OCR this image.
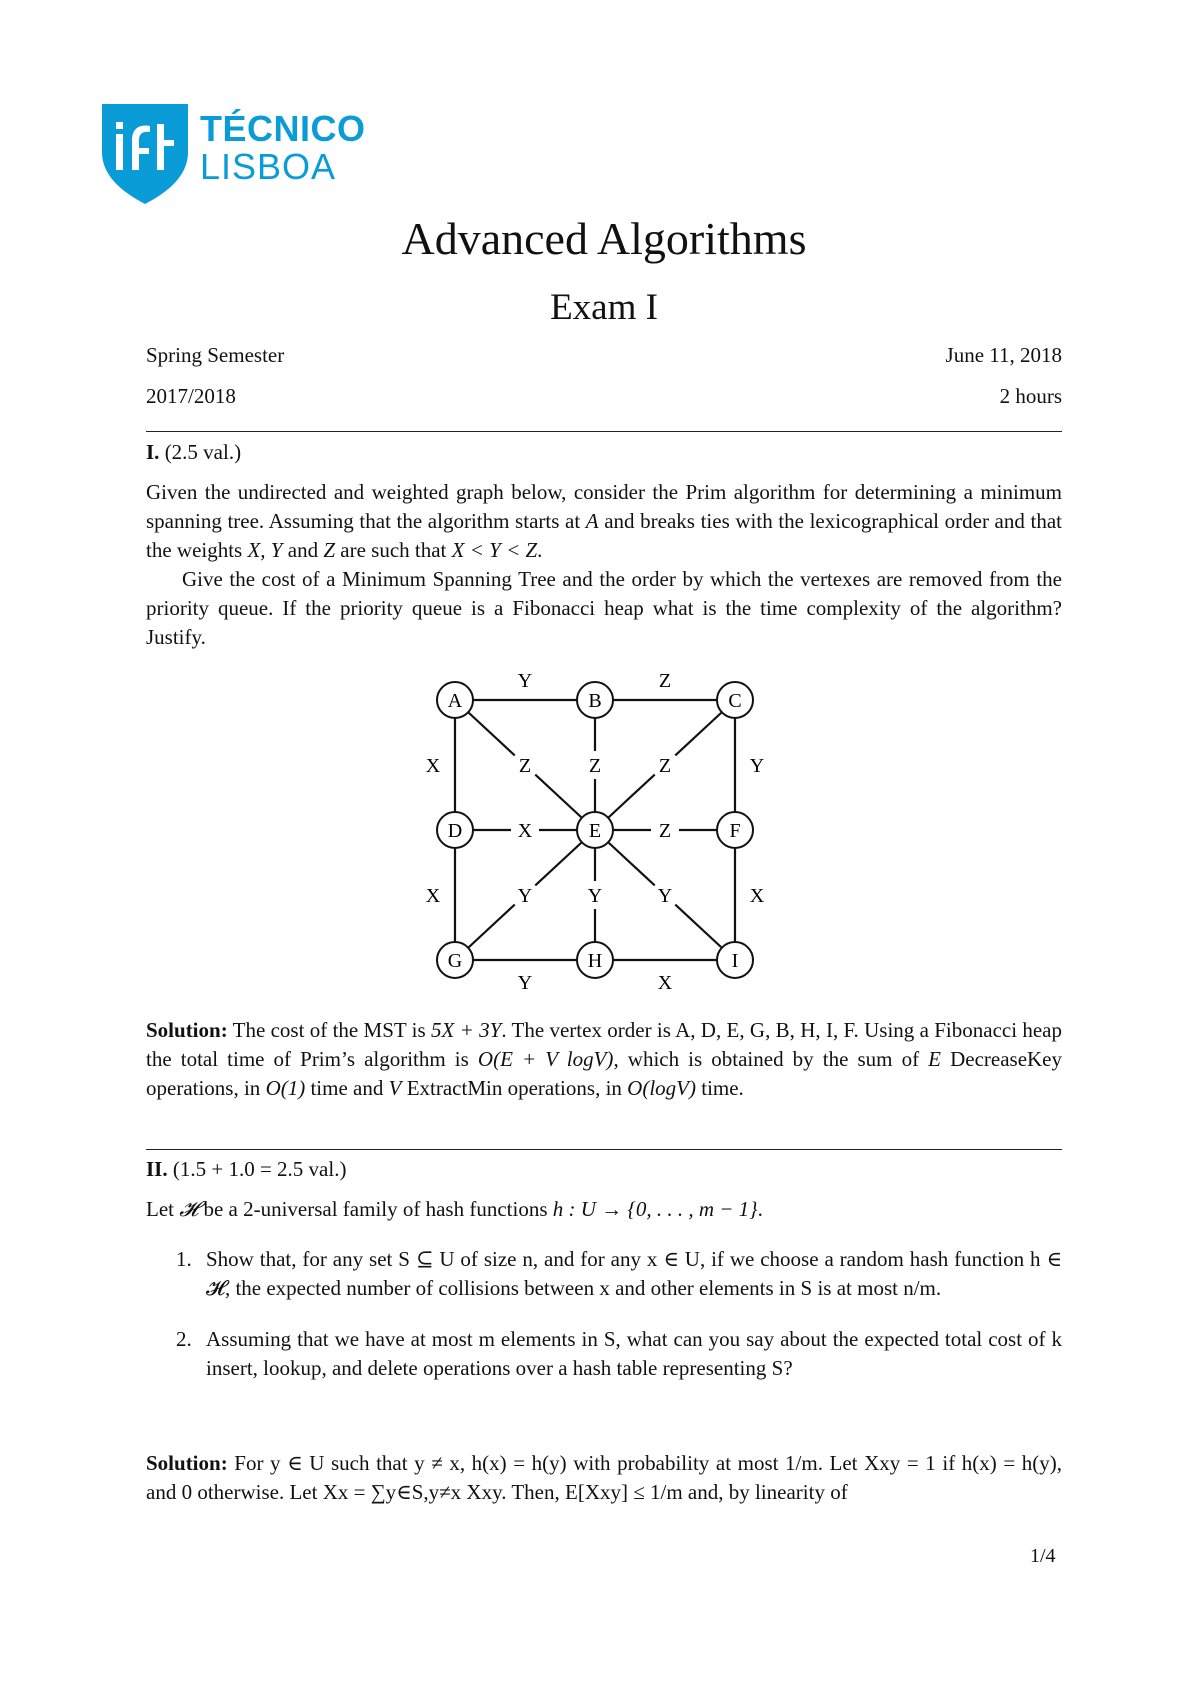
TÉCNICO
LISBOA
Advanced Algorithms
Exam I
Spring Semester	June 11, 2018
2017/2018	2 hours
I. (2.5 val.)

Given the undirected and weighted graph below, consider the Prim algorithm for determining a minimum spanning tree. Assuming that the algorithm starts at A and breaks ties with the lexicographical order and that the weights X, Y and Z are such that X < Y < Z.

Give the cost of a Minimum Spanning Tree and the order by which the vertexes are removed from the priority queue. If the priority queue is a Fibonacci heap what is the time complexity of the algorithm? Justify.

Y	Z
X	Y
Z	Z	Z
X	Z
X	X
Y	Y	Y
Y	X
A	B	C
D	E	F
G	H	I

Solution: The cost of the MST is 5X + 3Y. The vertex order is A, D, E, G, B, H, I, F. Using a Fibonacci heap the total time of Prim’s algorithm is O(E + V logV), which is obtained by the sum of E DecreaseKey operations, in O(1) time and V ExtractMin operations, in O(logV) time.

II. (1.5 + 1.0 = 2.5 val.)

Let 𝓗 be a 2-universal family of hash functions h : U → {0, . . . , m − 1}.

1. Show that, for any set S ⊆ U of size n, and for any x ∈ U, if we choose a random hash function h ∈ 𝓗, the expected number of collisions between x and other elements in S is at most n/m.
2. Assuming that we have at most m elements in S, what can you say about the expected total cost of k insert, lookup, and delete operations over a hash table representing S?

Solution: For y ∈ U such that y ≠ x, h(x) = h(y) with probability at most 1/m. Let Xxy = 1 if h(x) = h(y), and 0 otherwise. Let Xx = ∑y∈S,y≠x Xxy. Then, E[Xxy] ≤ 1/m and, by linearity of

1/4
